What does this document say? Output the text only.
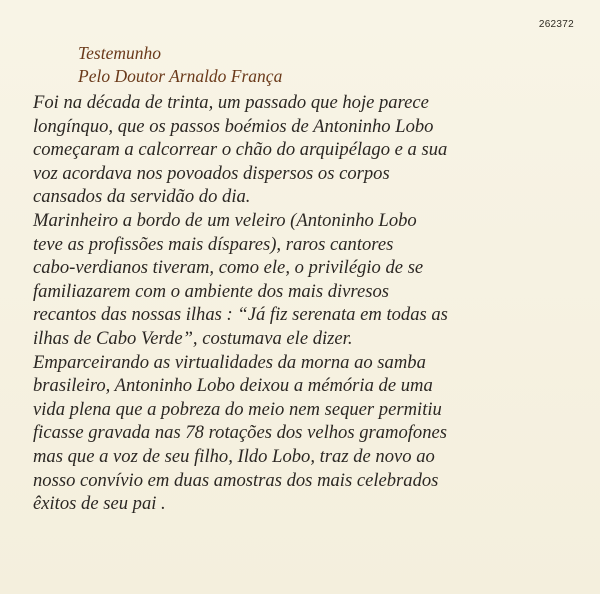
262372
Testemunho
Pelo Doutor Arnaldo França
Foi na década de trinta, um passado que hoje parece
longínquo, que os passos boémios de Antoninho Lobo
começaram a calcorrear o chão do arquipélago e a sua
voz acordava nos povoados dispersos os corpos
cansados da servidão do dia.
Marinheiro a bordo de um veleiro (Antoninho Lobo
teve as profissões mais díspares), raros cantores
cabo-verdianos tiveram, como ele, o privilégio de se
familiazarem com o ambiente dos mais divresos
recantos das nossas ilhas : “Já fiz serenata em todas as
ilhas de Cabo Verde”, costumava ele dizer.
Emparceirando as virtualidades da morna ao samba
brasileiro, Antoninho Lobo deixou a mémória de uma
vida plena que a pobreza do meio nem sequer permitiu
ficasse gravada nas 78 rotações dos velhos gramofones
mas que a voz de seu filho, Ildo Lobo, traz de novo ao
nosso convívio em duas amostras dos mais celebrados
êxitos de seu pai .
